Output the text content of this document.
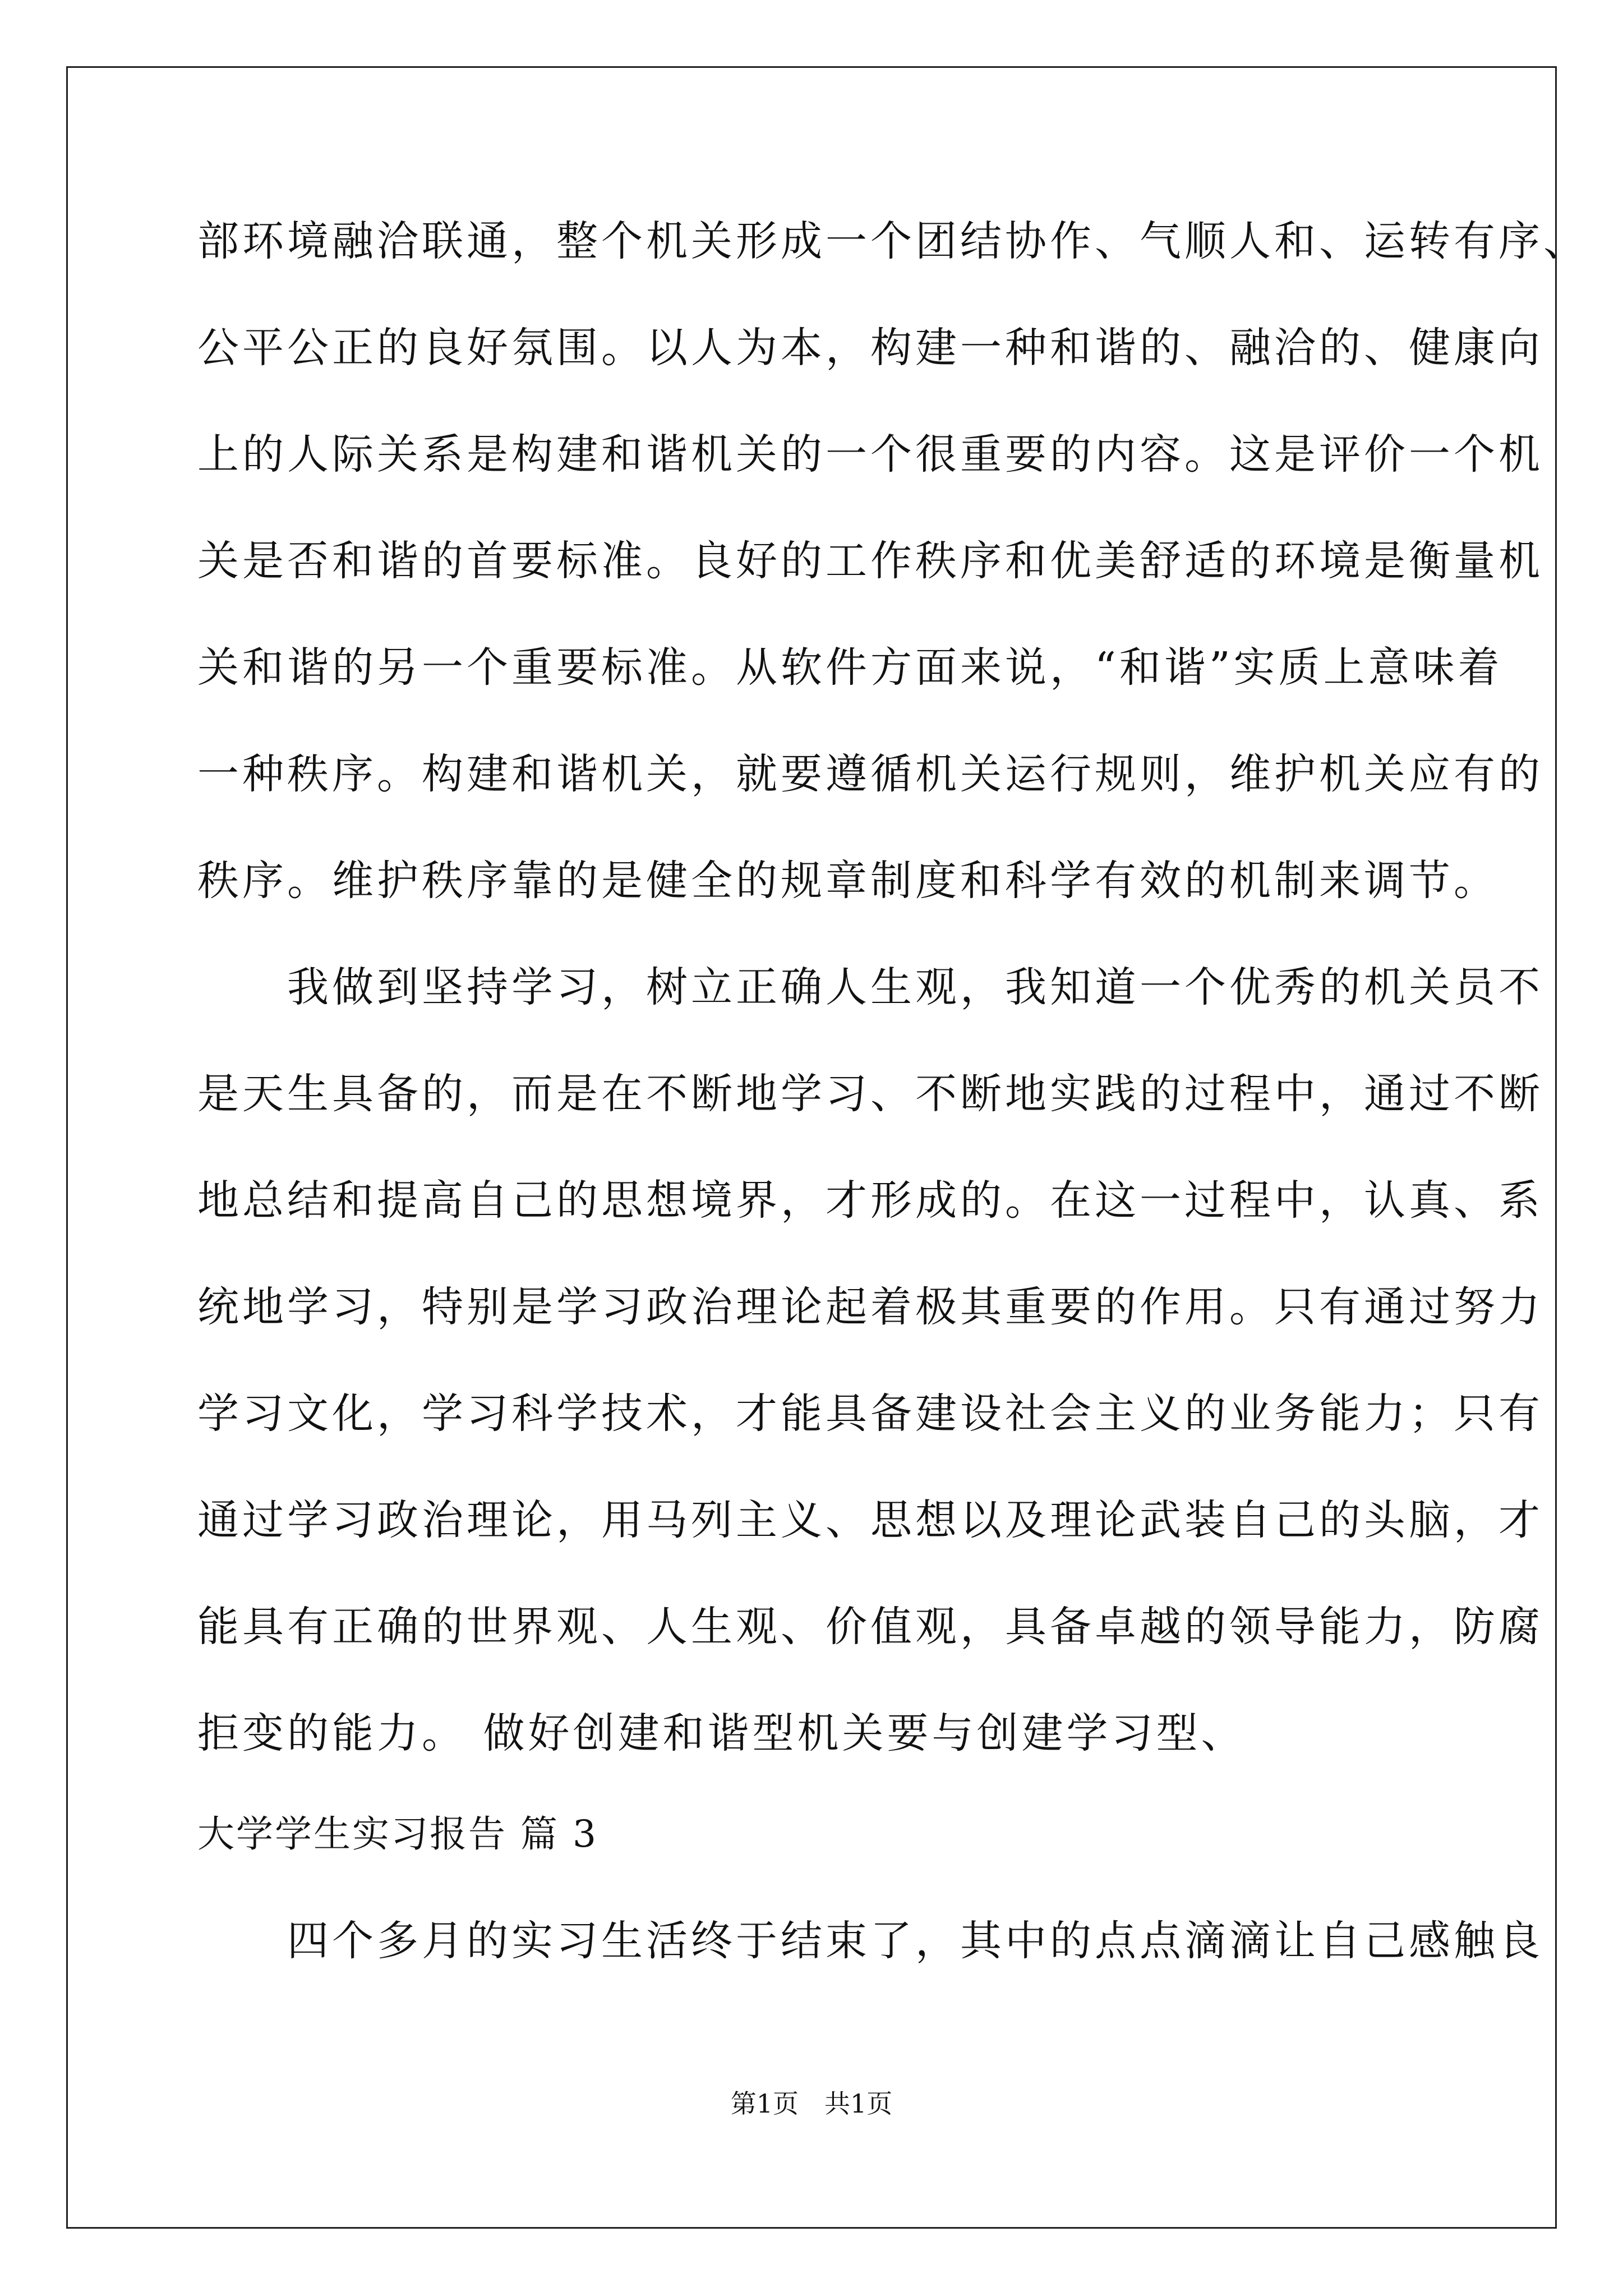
部环境融洽联通，整个机关形成一个团结协作、气顺人和、运转有序、
公平公正的良好氛围。以人为本，构建一种和谐的、融洽的、健康向
上的人际关系是构建和谐机关的一个很重要的内容。这是评价一个机
关是否和谐的首要标准。良好的工作秩序和优美舒适的环境是衡量机
关和谐的另一个重要标准。从软件方面来说，“和谐”实质上意味着
一种秩序。构建和谐机关，就要遵循机关运行规则，维护机关应有的
秩序。维护秩序靠的是健全的规章制度和科学有效的机制来调节。
　　我做到坚持学习，树立正确人生观，我知道一个优秀的机关员不
是天生具备的，而是在不断地学习、不断地实践的过程中，通过不断
地总结和提高自己的思想境界，才形成的。在这一过程中，认真、系
统地学习，特别是学习政治理论起着极其重要的作用。只有通过努力
学习文化，学习科学技术，才能具备建设社会主义的业务能力；只有
通过学习政治理论，用马列主义、思想以及理论武装自己的头脑，才
能具有正确的世界观、人生观、价值观，具备卓越的领导能力，防腐
拒变的能力。 做好创建和谐型机关要与创建学习型、
大学学生实习报告 篇 3
　　四个多月的实习生活终于结束了，其中的点点滴滴让自己感触良
第1页　共1页
